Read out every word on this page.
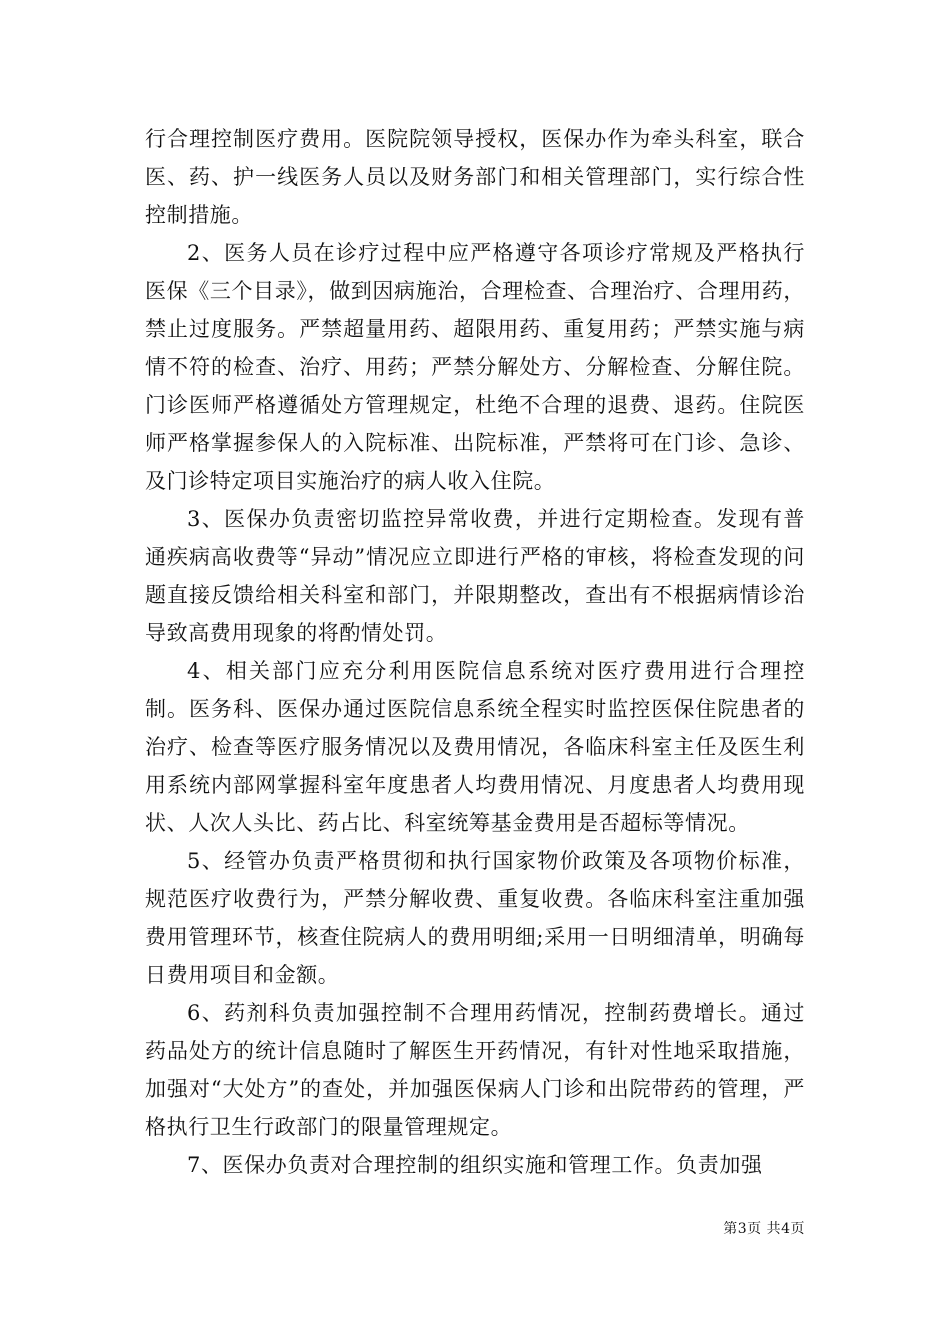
行合理控制医疗费用。医院院领导授权，医保办作为牵头科室，联合医、药、护一线医务人员以及财务部门和相关管理部门，实行综合性控制措施。

2、医务人员在诊疗过程中应严格遵守各项诊疗常规及严格执行医保《三个目录》，做到因病施治，合理检查、合理治疗、合理用药，禁止过度服务。严禁超量用药、超限用药、重复用药；严禁实施与病情不符的检查、治疗、用药；严禁分解处方、分解检查、分解住院。门诊医师严格遵循处方管理规定，杜绝不合理的退费、退药。住院医师严格掌握参保人的入院标准、出院标准，严禁将可在门诊、急诊、及门诊特定项目实施治疗的病人收入住院。

3、医保办负责密切监控异常收费，并进行定期检查。发现有普通疾病高收费等“异动”情况应立即进行严格的审核，将检查发现的问题直接反馈给相关科室和部门，并限期整改，查出有不根据病情诊治导致高费用现象的将酌情处罚。

4、相关部门应充分利用医院信息系统对医疗费用进行合理控制。医务科、医保办通过医院信息系统全程实时监控医保住院患者的治疗、检查等医疗服务情况以及费用情况，各临床科室主任及医生利用系统内部网掌握科室年度患者人均费用情况、月度患者人均费用现状、人次人头比、药占比、科室统筹基金费用是否超标等情况。

5、经管办负责严格贯彻和执行国家物价政策及各项物价标准，规范医疗收费行为，严禁分解收费、重复收费。各临床科室注重加强费用管理环节，核查住院病人的费用明细;采用一日明细清单，明确每日费用项目和金额。

6、药剂科负责加强控制不合理用药情况，控制药费增长。通过药品处方的统计信息随时了解医生开药情况，有针对性地采取措施，加强对“大处方”的查处，并加强医保病人门诊和出院带药的管理，严格执行卫生行政部门的限量管理规定。

7、医保办负责对合理控制的组织实施和管理工作。负责加强

第3页 共4页
